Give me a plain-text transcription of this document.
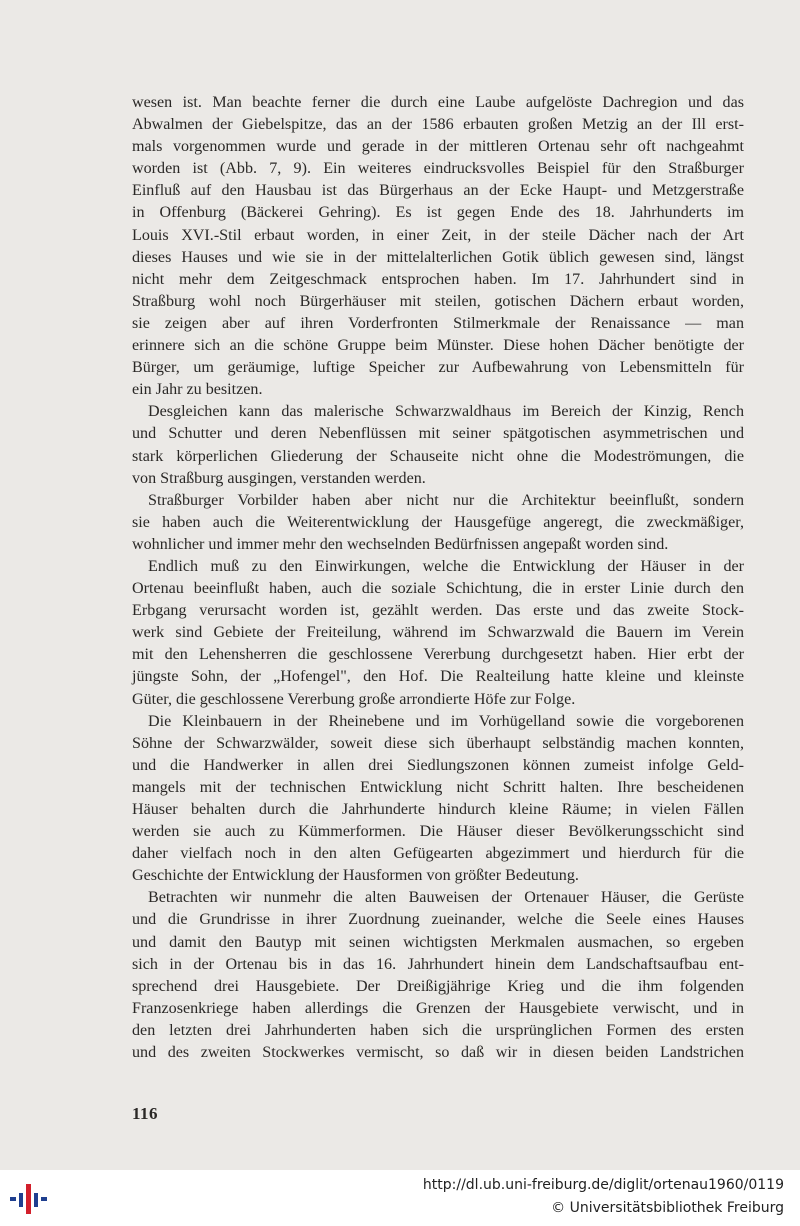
wesen ist. Man beachte ferner die durch eine Laube aufgelöste Dachregion und das
Abwalmen der Giebelspitze, das an der 1586 erbauten großen Metzig an der Ill erst-
mals vorgenommen wurde und gerade in der mittleren Ortenau sehr oft nachgeahmt
worden ist (Abb. 7, 9). Ein weiteres eindrucksvolles Beispiel für den Straßburger
Einfluß auf den Hausbau ist das Bürgerhaus an der Ecke Haupt- und Metzgerstraße
in Offenburg (Bäckerei Gehring). Es ist gegen Ende des 18. Jahrhunderts im
Louis XVI.-Stil erbaut worden, in einer Zeit, in der steile Dächer nach der Art
dieses Hauses und wie sie in der mittelalterlichen Gotik üblich gewesen sind, längst
nicht mehr dem Zeitgeschmack entsprochen haben. Im 17. Jahrhundert sind in
Straßburg wohl noch Bürgerhäuser mit steilen, gotischen Dächern erbaut worden,
sie zeigen aber auf ihren Vorderfronten Stilmerkmale der Renaissance — man
erinnere sich an die schöne Gruppe beim Münster. Diese hohen Dächer benötigte der
Bürger, um geräumige, luftige Speicher zur Aufbewahrung von Lebensmitteln für
ein Jahr zu besitzen.
Desgleichen kann das malerische Schwarzwaldhaus im Bereich der Kinzig, Rench
und Schutter und deren Nebenflüssen mit seiner spätgotischen asymmetrischen und
stark körperlichen Gliederung der Schauseite nicht ohne die Modeströmungen, die
von Straßburg ausgingen, verstanden werden.
Straßburger Vorbilder haben aber nicht nur die Architektur beeinflußt, sondern
sie haben auch die Weiterentwicklung der Hausgefüge angeregt, die zweckmäßiger,
wohnlicher und immer mehr den wechselnden Bedürfnissen angepaßt worden sind.
Endlich muß zu den Einwirkungen, welche die Entwicklung der Häuser in der
Ortenau beeinflußt haben, auch die soziale Schichtung, die in erster Linie durch den
Erbgang verursacht worden ist, gezählt werden. Das erste und das zweite Stock-
werk sind Gebiete der Freiteilung, während im Schwarzwald die Bauern im Verein
mit den Lehensherren die geschlossene Vererbung durchgesetzt haben. Hier erbt der
jüngste Sohn, der „Hofengel", den Hof. Die Realteilung hatte kleine und kleinste
Güter, die geschlossene Vererbung große arrondierte Höfe zur Folge.
Die Kleinbauern in der Rheinebene und im Vorhügelland sowie die vorgeborenen
Söhne der Schwarzwälder, soweit diese sich überhaupt selbständig machen konnten,
und die Handwerker in allen drei Siedlungszonen können zumeist infolge Geld-
mangels mit der technischen Entwicklung nicht Schritt halten. Ihre bescheidenen
Häuser behalten durch die Jahrhunderte hindurch kleine Räume; in vielen Fällen
werden sie auch zu Kümmerformen. Die Häuser dieser Bevölkerungsschicht sind
daher vielfach noch in den alten Gefügearten abgezimmert und hierdurch für die
Geschichte der Entwicklung der Hausformen von größter Bedeutung.
Betrachten wir nunmehr die alten Bauweisen der Ortenauer Häuser, die Gerüste
und die Grundrisse in ihrer Zuordnung zueinander, welche die Seele eines Hauses
und damit den Bautyp mit seinen wichtigsten Merkmalen ausmachen, so ergeben
sich in der Ortenau bis in das 16. Jahrhundert hinein dem Landschaftsaufbau ent-
sprechend drei Hausgebiete. Der Dreißigjährige Krieg und die ihm folgenden
Franzosenkriege haben allerdings die Grenzen der Hausgebiete verwischt, und in
den letzten drei Jahrhunderten haben sich die ursprünglichen Formen des ersten
und des zweiten Stockwerkes vermischt, so daß wir in diesen beiden Landstrichen
116
http://dl.ub.uni-freiburg.de/diglit/ortenau1960/0119
© Universitätsbibliothek Freiburg
